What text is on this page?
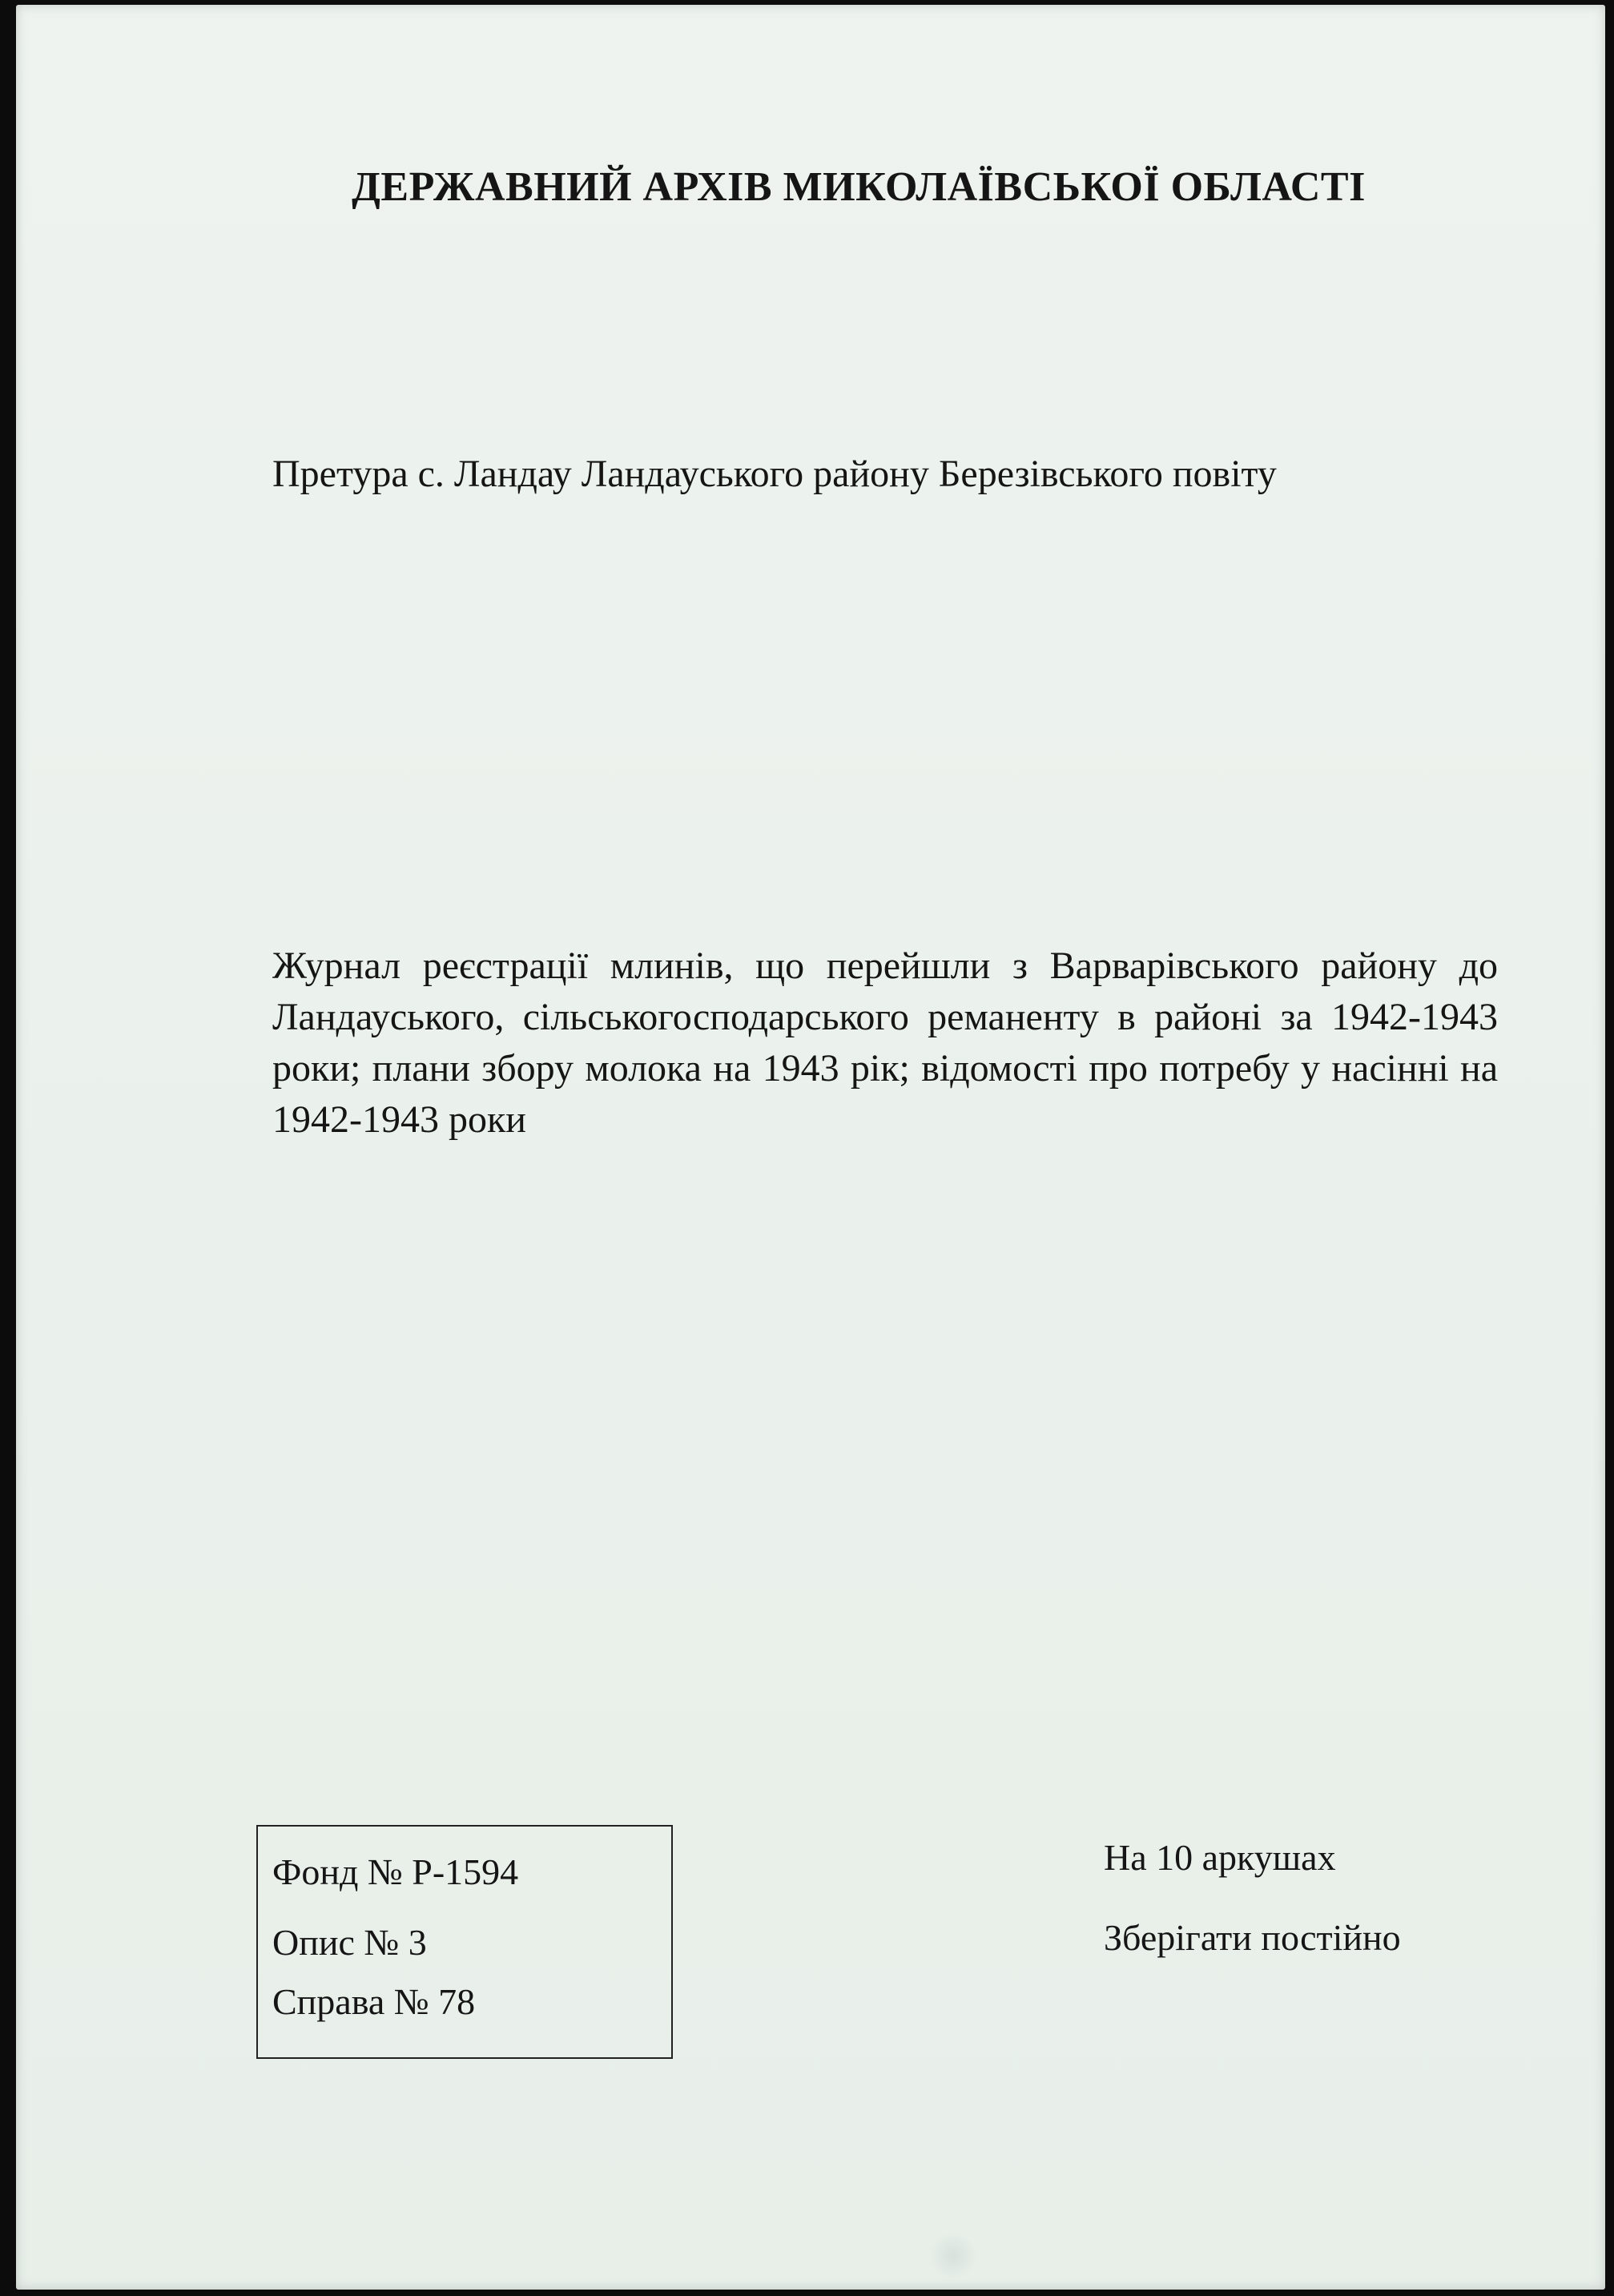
ДЕРЖАВНИЙ АРХІВ МИКОЛАЇВСЬКОЇ ОБЛАСТІ
Претура с. Ландау Ландауського району Березівського повіту
Журнал реєстрації млинів, що перейшли з Варварівського району до Ландауського, сільськогосподарського реманенту в районі за 1942-1943 роки; плани збору молока на 1943 рік; відомості про потребу у насінні на 1942-1943 роки
Фонд № Р-1594
Опис № 3
Справа № 78
На 10 аркушах
Зберігати постійно
